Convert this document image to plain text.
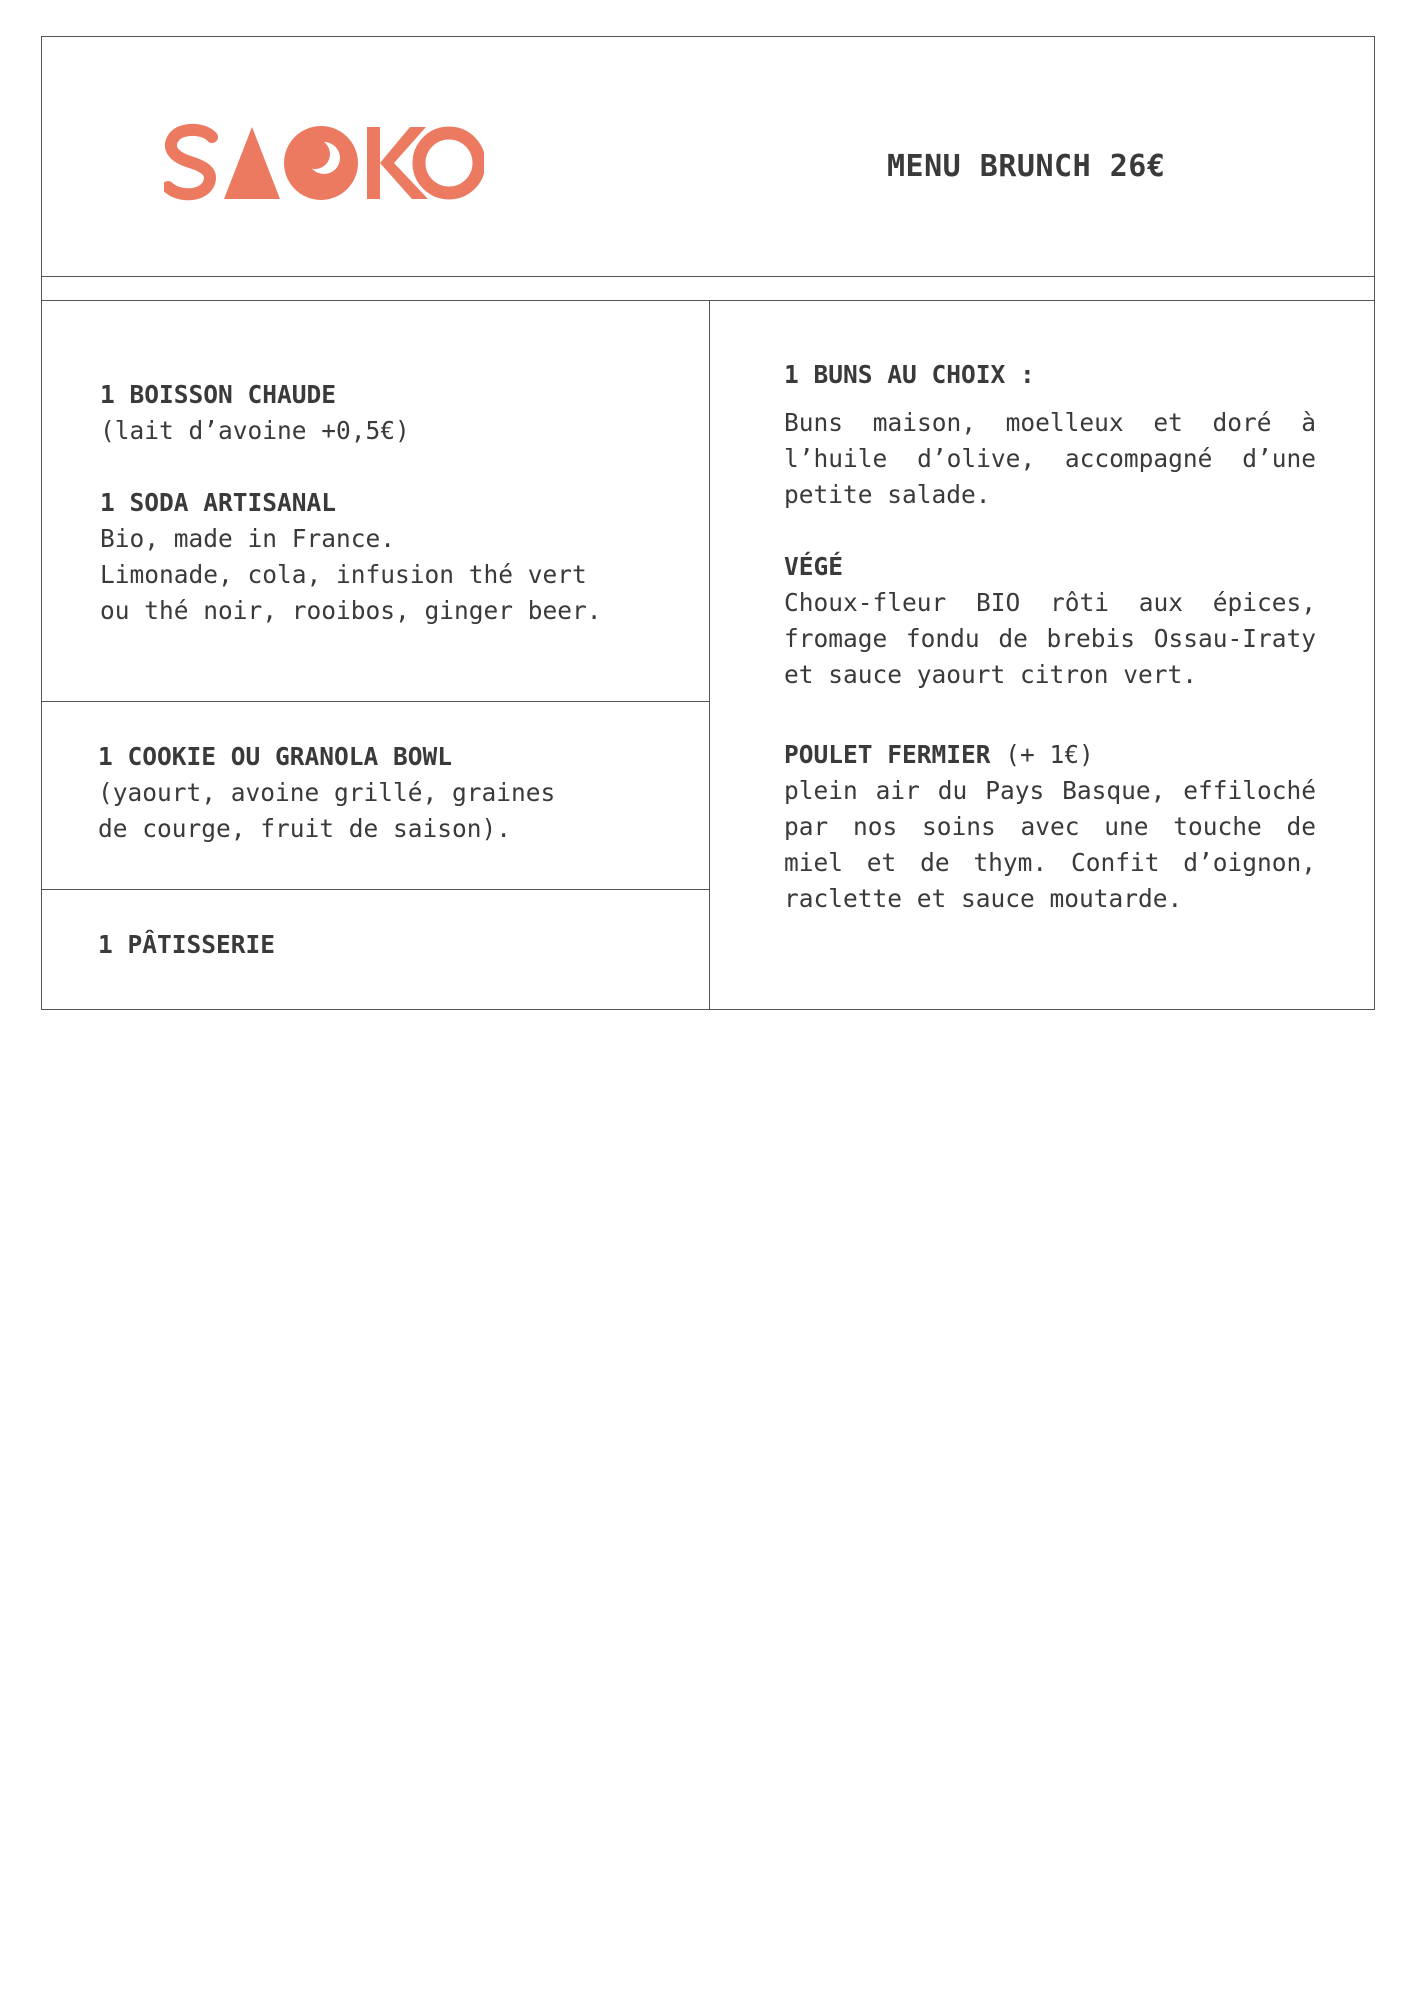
MENU BRUNCH 26€
1 BOISSON CHAUDE
(lait d’avoine +0,5€)
1 SODA ARTISANAL
Bio, made in France.
Limonade, cola, infusion thé vert
ou thé noir, rooibos, ginger beer.
1 COOKIE OU GRANOLA BOWL
(yaourt, avoine grillé, graines
de courge, fruit de saison).
1 PÂTISSERIE
1 BUNS AU CHOIX :

Buns maison, moelleux et doré à l’huile d’olive, accompagné d’une petite salade.

VÉGÉ

Choux-fleur BIO rôti aux épices, fromage fondu de brebis Ossau-Iraty et sauce yaourt citron vert.

POULET FERMIER (+ 1€)

plein air du Pays Basque, effiloché par nos soins avec une touche de miel et de thym. Confit d’oignon, raclette et sauce moutarde.
